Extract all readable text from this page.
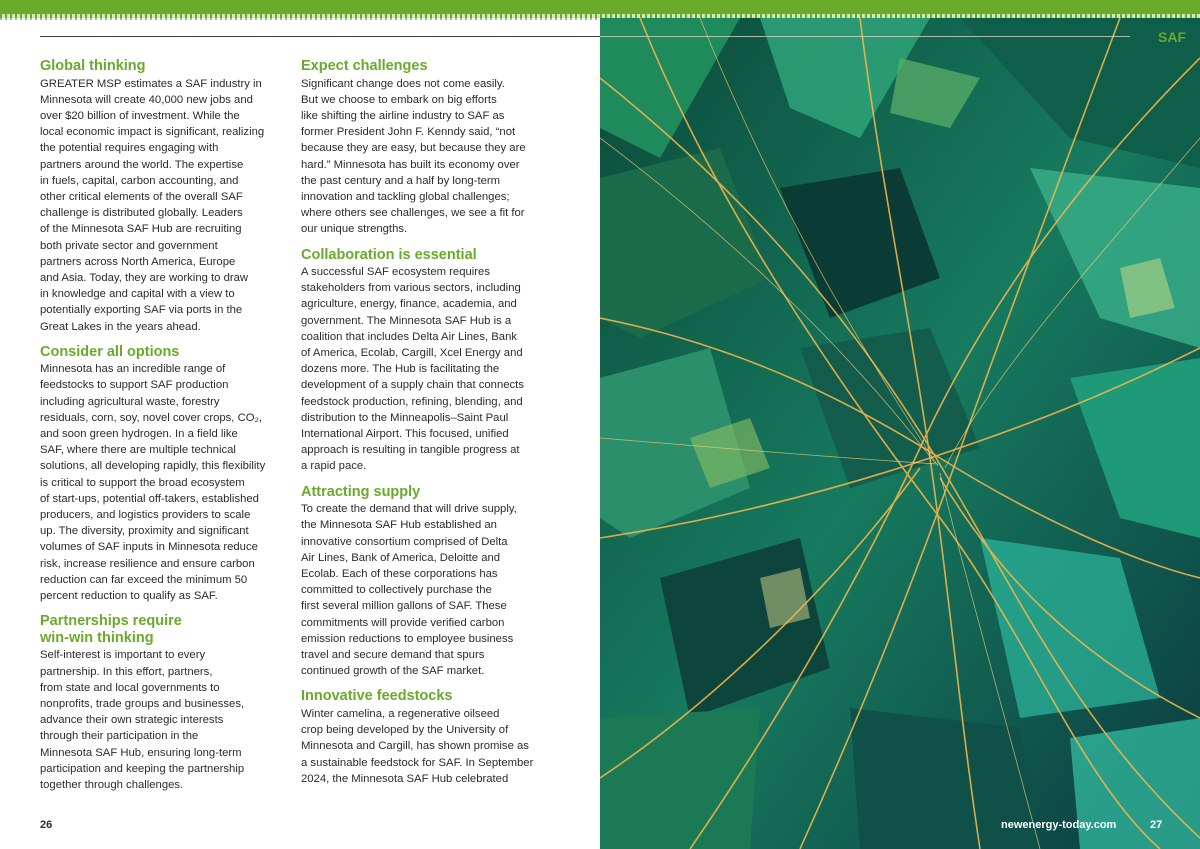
Global thinking

GREATER MSP estimates a SAF industry in
Minnesota will create 40,000 new jobs and
over $20 billion of investment. While the
local economic impact is significant, realizing
the potential requires engaging with
partners around the world. The expertise
in fuels, capital, carbon accounting, and
other critical elements of the overall SAF
challenge is distributed globally. Leaders
of the Minnesota SAF Hub are recruiting
both private sector and government
partners across North America, Europe
and Asia. Today, they are working to draw
in knowledge and capital with a view to
potentially exporting SAF via ports in the
Great Lakes in the years ahead.

Consider all options

Minnesota has an incredible range of
feedstocks to support SAF production
including agricultural waste, forestry
residuals, corn, soy, novel cover crops, CO₂,
and soon green hydrogen. In a field like
SAF, where there are multiple technical
solutions, all developing rapidly, this flexibility
is critical to support the broad ecosystem
of start-ups, potential off-takers, established
producers, and logistics providers to scale
up. The diversity, proximity and significant
volumes of SAF inputs in Minnesota reduce
risk, increase resilience and ensure carbon
reduction can far exceed the minimum 50
percent reduction to qualify as SAF.

Partnerships require
win-win thinking

Self-interest is important to every
partnership. In this effort, partners,
from state and local governments to
nonprofits, trade groups and businesses,
advance their own strategic interests
through their participation in the
Minnesota SAF Hub, ensuring long-term
participation and keeping the partnership
together through challenges.

Expect challenges

Significant change does not come easily.
But we choose to embark on big efforts
like shifting the airline industry to SAF as
former President John F. Kenndy said, “not
because they are easy, but because they are
hard.” Minnesota has built its economy over
the past century and a half by long-term
innovation and tackling global challenges;
where others see challenges, we see a fit for
our unique strengths.

Collaboration is essential

A successful SAF ecosystem requires
stakeholders from various sectors, including
agriculture, energy, finance, academia, and
government. The Minnesota SAF Hub is a
coalition that includes Delta Air Lines, Bank
of America, Ecolab, Cargill, Xcel Energy and
dozens more. The Hub is facilitating the
development of a supply chain that connects
feedstock production, refining, blending, and
distribution to the Minneapolis–Saint Paul
International Airport. This focused, unified
approach is resulting in tangible progress at
a rapid pace.

Attracting supply

To create the demand that will drive supply,
the Minnesota SAF Hub established an
innovative consortium comprised of Delta
Air Lines, Bank of America, Deloitte and
Ecolab. Each of these corporations has
committed to collectively purchase the
first several million gallons of SAF. These
commitments will provide verified carbon
emission reductions to employee business
travel and secure demand that spurs
continued growth of the SAF market.

Innovative feedstocks

Winter camelina, a regenerative oilseed
crop being developed by the University of
Minnesota and Cargill, has shown promise as
a sustainable feedstock for SAF. In September
2024, the Minnesota SAF Hub celebrated

26
SAF
newenergy-today.com	27
